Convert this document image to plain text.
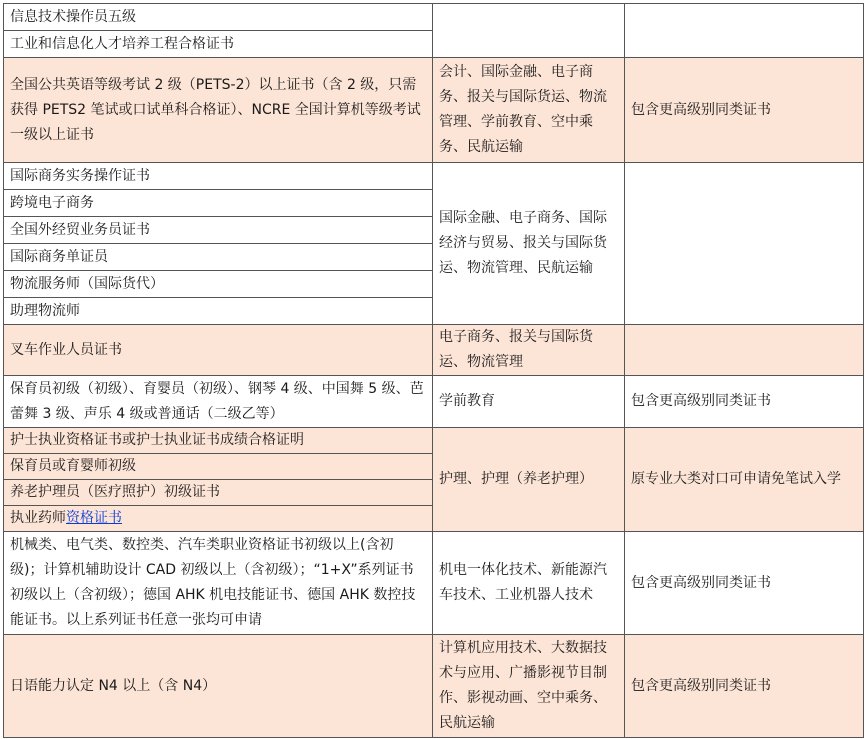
信息技术操作员五级		
工业和信息化人才培养工程合格证书		
全国公共英语等级考试 2 级（PETS-2）以上证书（含 2 级，只需获得 PETS2 笔试或口试单科合格证）、NCRE 全国计算机等级考试一级以上证书	会计、国际金融、电子商务、报关与国际货运、物流管理、学前教育、空中乘务、民航运输	包含更高级别同类证书
国际商务实务操作证书	国际金融、电子商务、国际经济与贸易、报关与国际货运、物流管理、民航运输	
跨境电子商务		
全国外经贸业务员证书		
国际商务单证员		
物流服务师（国际货代）		
助理物流师		
叉车作业人员证书	电子商务、报关与国际货运、物流管理	
保育员初级（初级）、育婴员（初级）、钢琴 4 级、中国舞 5 级、芭蕾舞 3 级、声乐 4 级或普通话（二级乙等）	学前教育	包含更高级别同类证书
护士执业资格证书或护士执业证书成绩合格证明	护理、护理（养老护理）	原专业大类对口可申请免笔试入学
保育员或育婴师初级		
养老护理员（医疗照护）初级证书		
执业药师资格证书		
机械类、电气类、数控类、汽车类职业资格证书初级以上(含初级)；计算机辅助设计 CAD 初级以上（含初级）；“1+X”系列证书初级以上（含初级）；德国 AHK 机电技能证书、德国 AHK 数控技能证书。以上系列证书任意一张均可申请	机电一体化技术、新能源汽车技术、工业机器人技术	包含更高级别同类证书
日语能力认定 N4 以上（含 N4）	计算机应用技术、大数据技术与应用、广播影视节目制作、影视动画、空中乘务、民航运输	包含更高级别同类证书
